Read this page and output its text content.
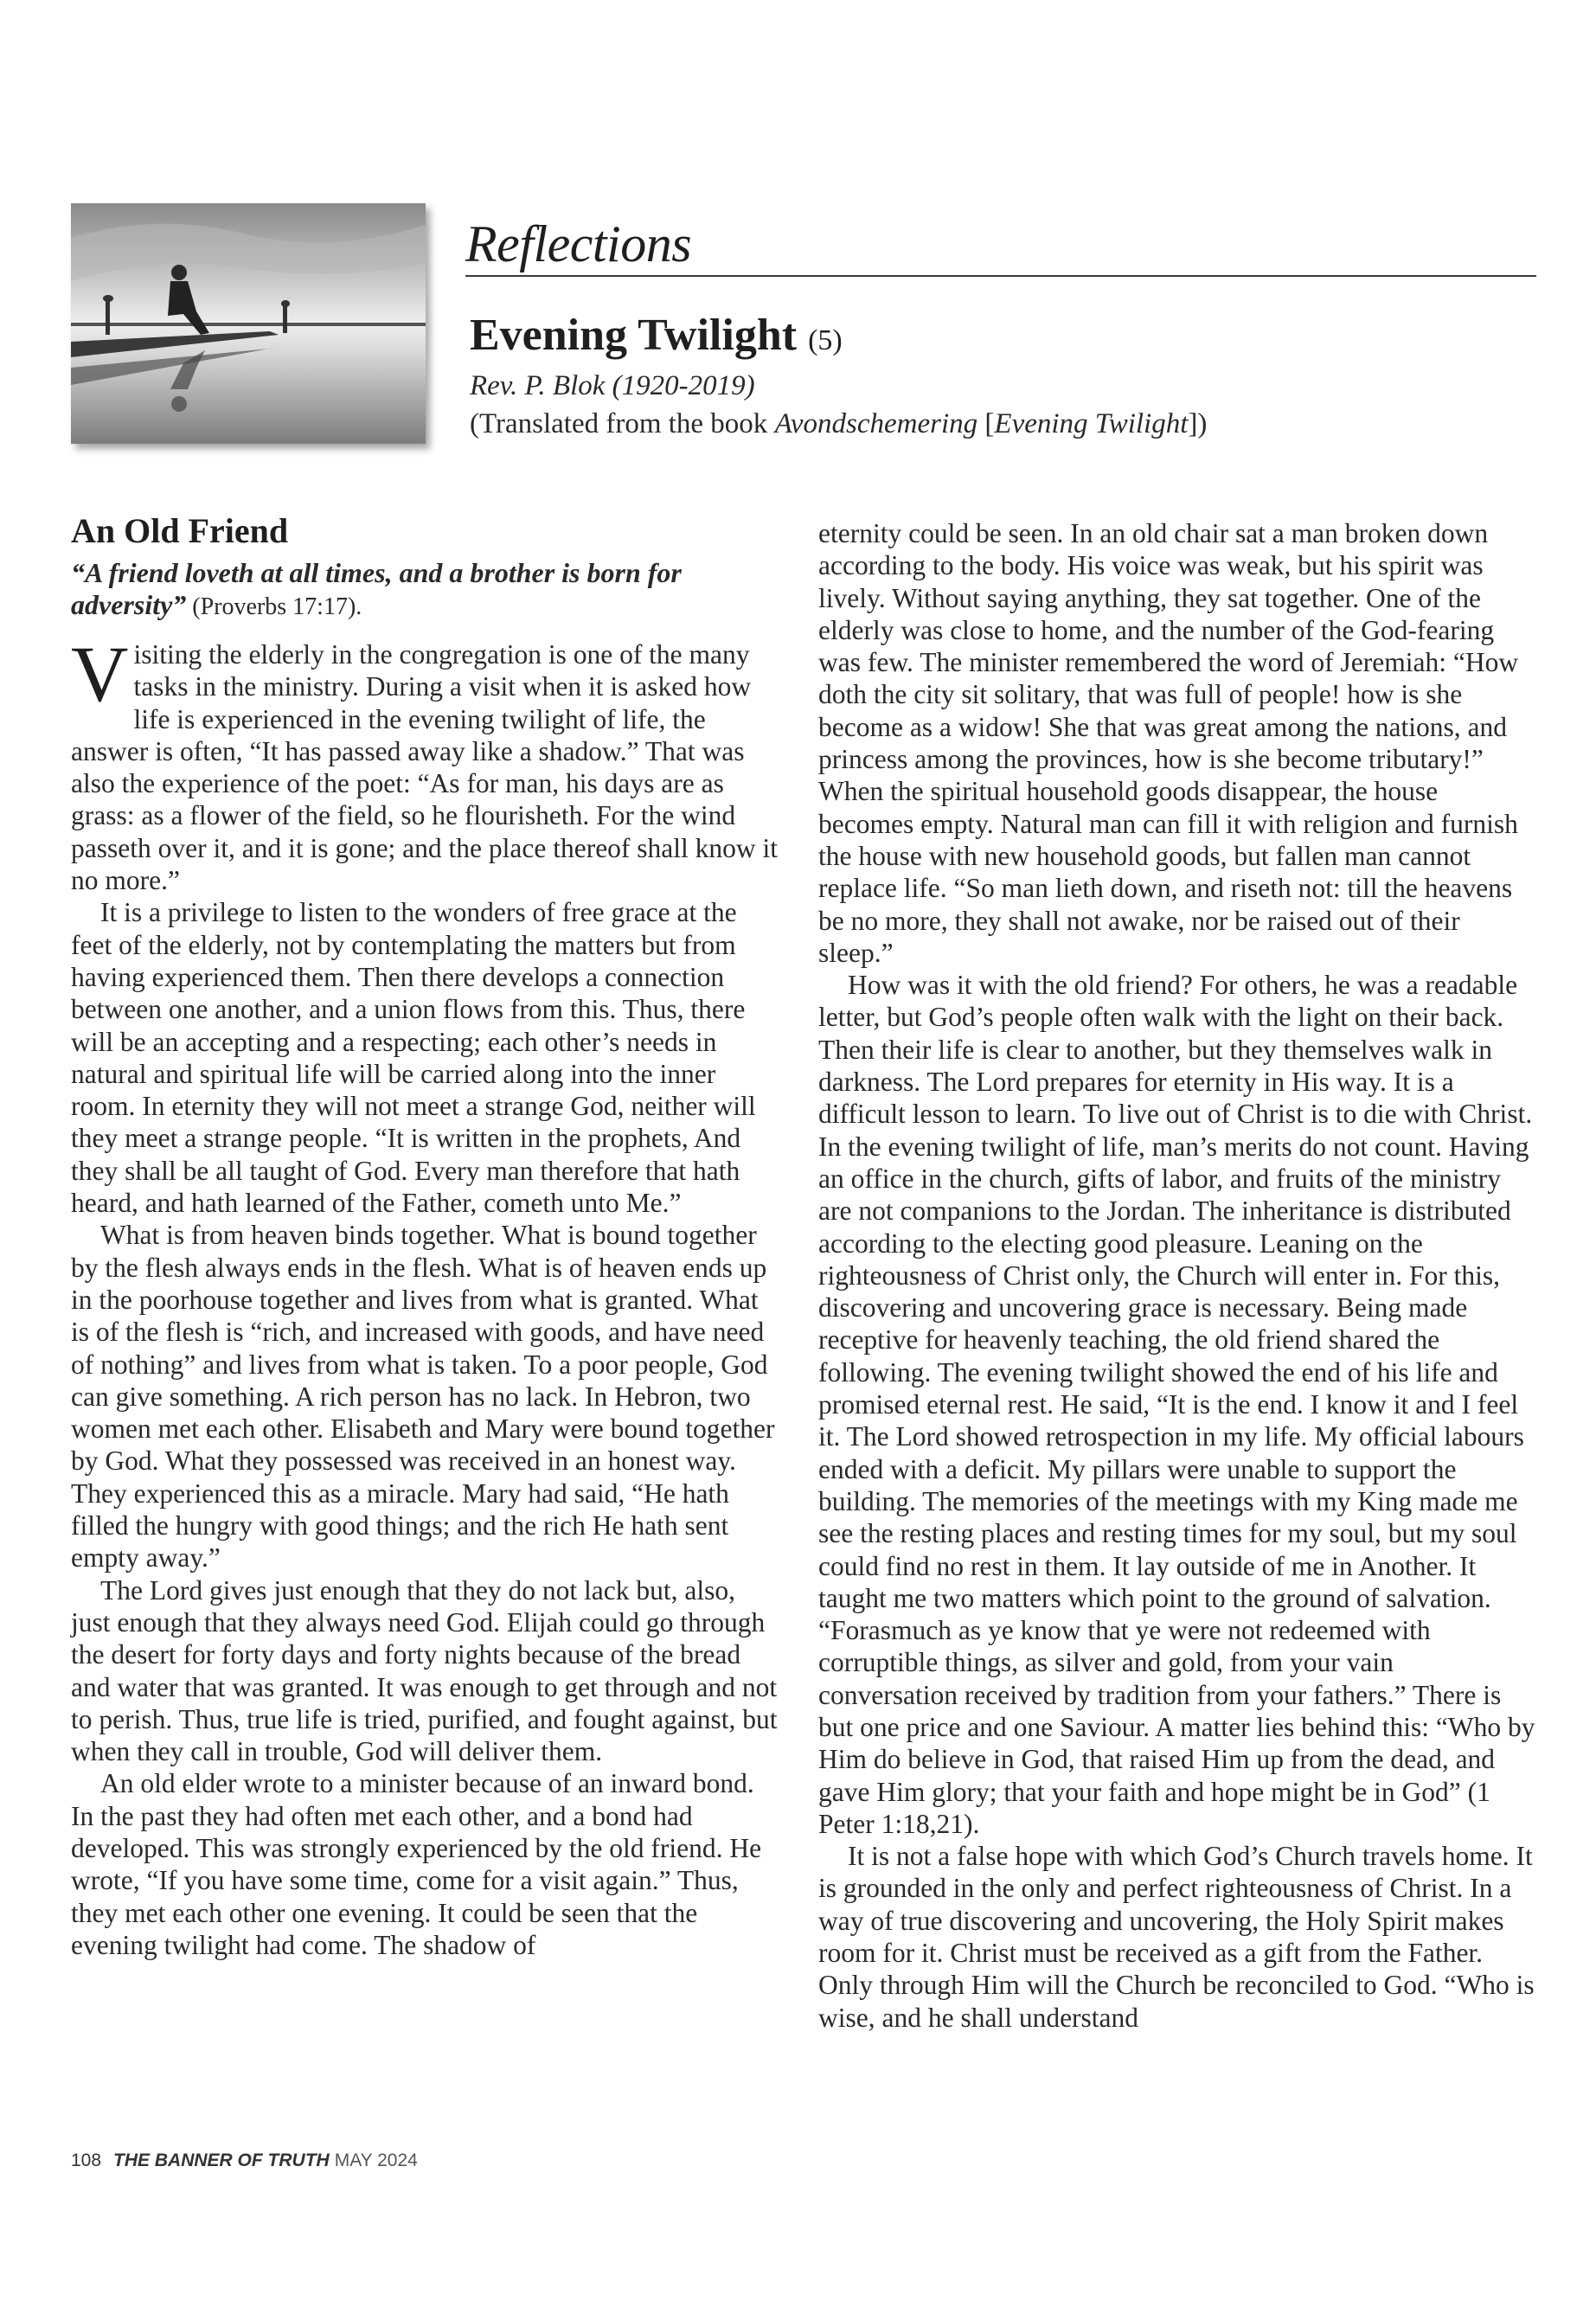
Reflections
Evening Twilight (5)
Rev. P. Blok (1920-2019)
(Translated from the book Avondschemering [Evening Twilight])
An Old Friend
“A friend loveth at all times, and a brother is born for adversity” (Proverbs 17:17).

Visiting the elderly in the congregation is one of the many tasks in the ministry. During a visit when it is asked how life is experienced in the evening twilight of life, the answer is often, “It has passed away like a shadow.” That was also the experience of the poet: “As for man, his days are as grass: as a flower of the field, so he flourisheth. For the wind passeth over it, and it is gone; and the place thereof shall know it no more.”

It is a privilege to listen to the wonders of free grace at the feet of the elderly, not by contemplating the matters but from having experienced them. Then there develops a connection between one another, and a union flows from this. Thus, there will be an accepting and a respecting; each other’s needs in natural and spiritual life will be carried along into the inner room. In eternity they will not meet a strange God, neither will they meet a strange people. “It is written in the prophets, And they shall be all taught of God. Every man therefore that hath heard, and hath learned of the Father, cometh unto Me.”

What is from heaven binds together. What is bound together by the flesh always ends in the flesh. What is of heaven ends up in the poorhouse together and lives from what is granted. What is of the flesh is “rich, and increased with goods, and have need of nothing” and lives from what is taken. To a poor people, God can give something. A rich person has no lack. In Hebron, two women met each other. Elisabeth and Mary were bound together by God. What they possessed was received in an honest way. They experienced this as a miracle. Mary had said, “He hath filled the hungry with good things; and the rich He hath sent empty away.”

The Lord gives just enough that they do not lack but, also, just enough that they always need God. Elijah could go through the desert for forty days and forty nights because of the bread and water that was granted. It was enough to get through and not to perish. Thus, true life is tried, purified, and fought against, but when they call in trouble, God will deliver them.

An old elder wrote to a minister because of an inward bond. In the past they had often met each other, and a bond had developed. This was strongly experienced by the old friend. He wrote, “If you have some time, come for a visit again.” Thus, they met each other one evening. It could be seen that the evening twilight had come. The shadow of

eternity could be seen. In an old chair sat a man broken down according to the body. His voice was weak, but his spirit was lively. Without saying anything, they sat together. One of the elderly was close to home, and the number of the God-fearing was few. The minister remembered the word of Jeremiah: “How doth the city sit solitary, that was full of people! how is she become as a widow! She that was great among the nations, and princess among the provinces, how is she become tributary!” When the spiritual household goods disappear, the house becomes empty. Natural man can fill it with religion and furnish the house with new household goods, but fallen man cannot replace life. “So man lieth down, and riseth not: till the heavens be no more, they shall not awake, nor be raised out of their sleep.”

How was it with the old friend? For others, he was a readable letter, but God’s people often walk with the light on their back. Then their life is clear to another, but they themselves walk in darkness. The Lord prepares for eternity in His way. It is a difficult lesson to learn. To live out of Christ is to die with Christ. In the evening twilight of life, man’s merits do not count. Having an office in the church, gifts of labor, and fruits of the ministry are not companions to the Jordan. The inheritance is distributed according to the electing good pleasure. Leaning on the righteousness of Christ only, the Church will enter in. For this, discovering and uncovering grace is necessary. Being made receptive for heavenly teaching, the old friend shared the following. The evening twilight showed the end of his life and promised eternal rest. He said, “It is the end. I know it and I feel it. The Lord showed retrospection in my life. My official labours ended with a deficit. My pillars were unable to support the building. The memories of the meetings with my King made me see the resting places and resting times for my soul, but my soul could find no rest in them. It lay outside of me in Another. It taught me two matters which point to the ground of salvation. “Forasmuch as ye know that ye were not redeemed with corruptible things, as silver and gold, from your vain conversation received by tradition from your fathers.” There is but one price and one Saviour. A matter lies behind this: “Who by Him do believe in God, that raised Him up from the dead, and gave Him glory; that your faith and hope might be in God” (1 Peter 1:18,21).

It is not a false hope with which God’s Church travels home. It is grounded in the only and perfect righteousness of Christ. In a way of true discovering and uncovering, the Holy Spirit makes room for it. Christ must be received as a gift from the Father. Only through Him will the Church be reconciled to God. “Who is wise, and he shall understand

108 THE BANNER OF TRUTH MAY 2024
